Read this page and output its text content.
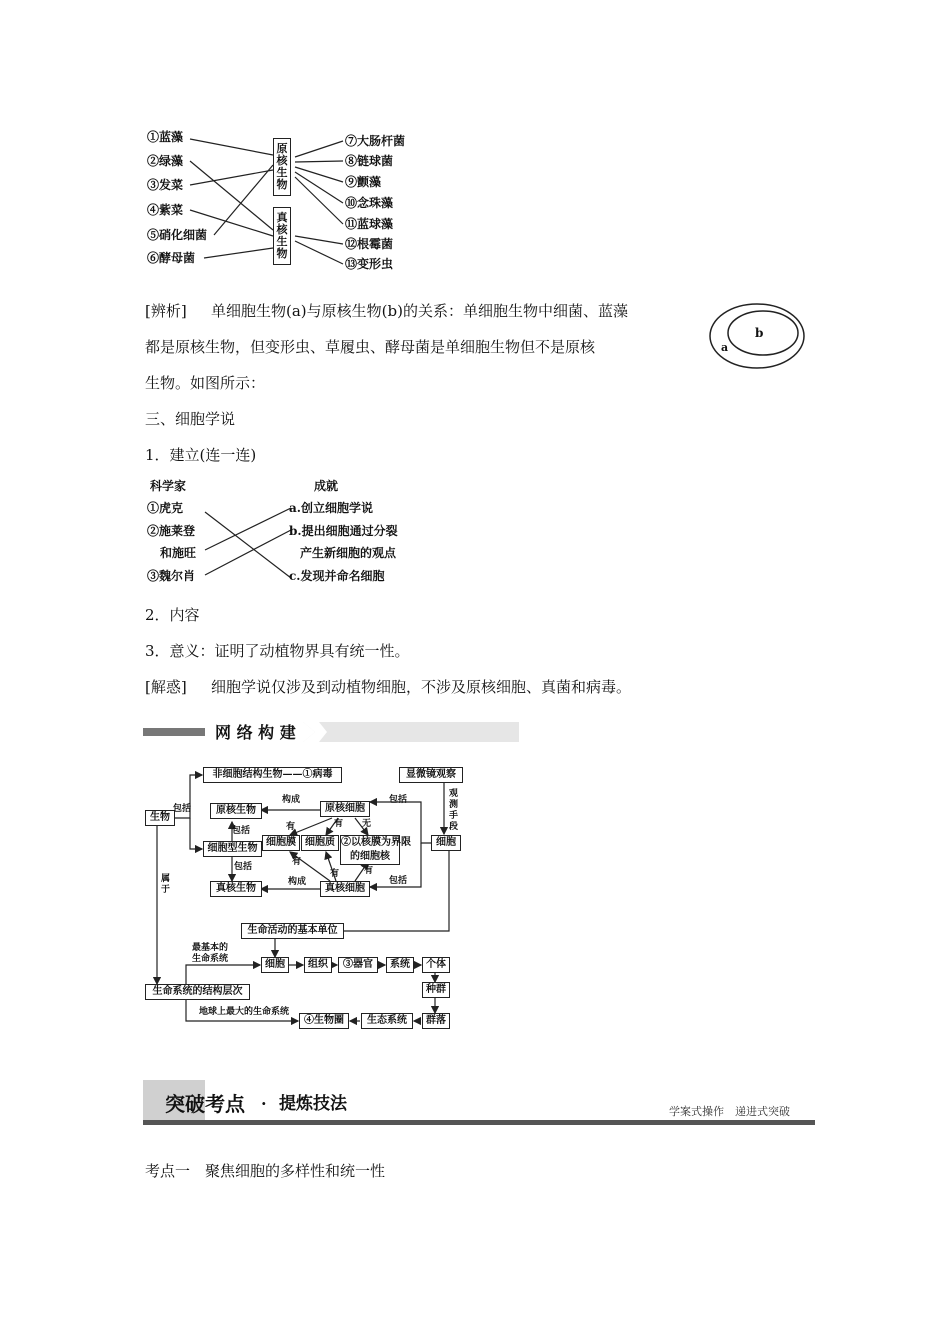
①蓝藻
②绿藻
③发菜
④紫菜
⑤硝化细菌
⑥酵母菌
原核生物
真核生物
⑦大肠杆菌
⑧链球菌
⑨颤藻
⑩念珠藻
⑪蓝球藻
⑫根霉菌
⑬变形虫
[辨析] 单细胞生物(a)与原核生物(b)的关系：单细胞生物中细菌、蓝藻
都是原核生物，但变形虫、草履虫、酵母菌是单细胞生物但不是原核
生物。如图所示：
b
a
三、细胞学说
1．建立(连一连)
科学家	成就
①虎克
②施莱登
和施旺
③魏尔肖
a.创立细胞学说
b.提出细胞通过分裂
产生新细胞的观点
c.发现并命名细胞
2．内容
3．意义：证明了动植物界具有统一性。
[解惑] 细胞学说仅涉及到动植物细胞，不涉及原核细胞、真菌和病毒。
网 络 构 建
生物
非细胞结构生物——①病毒	显微镜观察
原核生物	原核细胞
细胞型生物
细胞膜 细胞质 ②以核膜为界限
的细胞核
细胞
真核生物	真核细胞
生命活动的基本单位
生命系统的结构层次
细胞	组织	③器官	系统	个体
种群
群落
生态系统
④生物圈
包括
包括
包括
包括
包括
构成
构成
有	有 无
有
有	有
属于
观测手段
最基本的
生命系统
地球上最大的生命系统
突破考点 · 提炼技法	学案式操作　递进式突破
考点一　聚焦细胞的多样性和统一性
